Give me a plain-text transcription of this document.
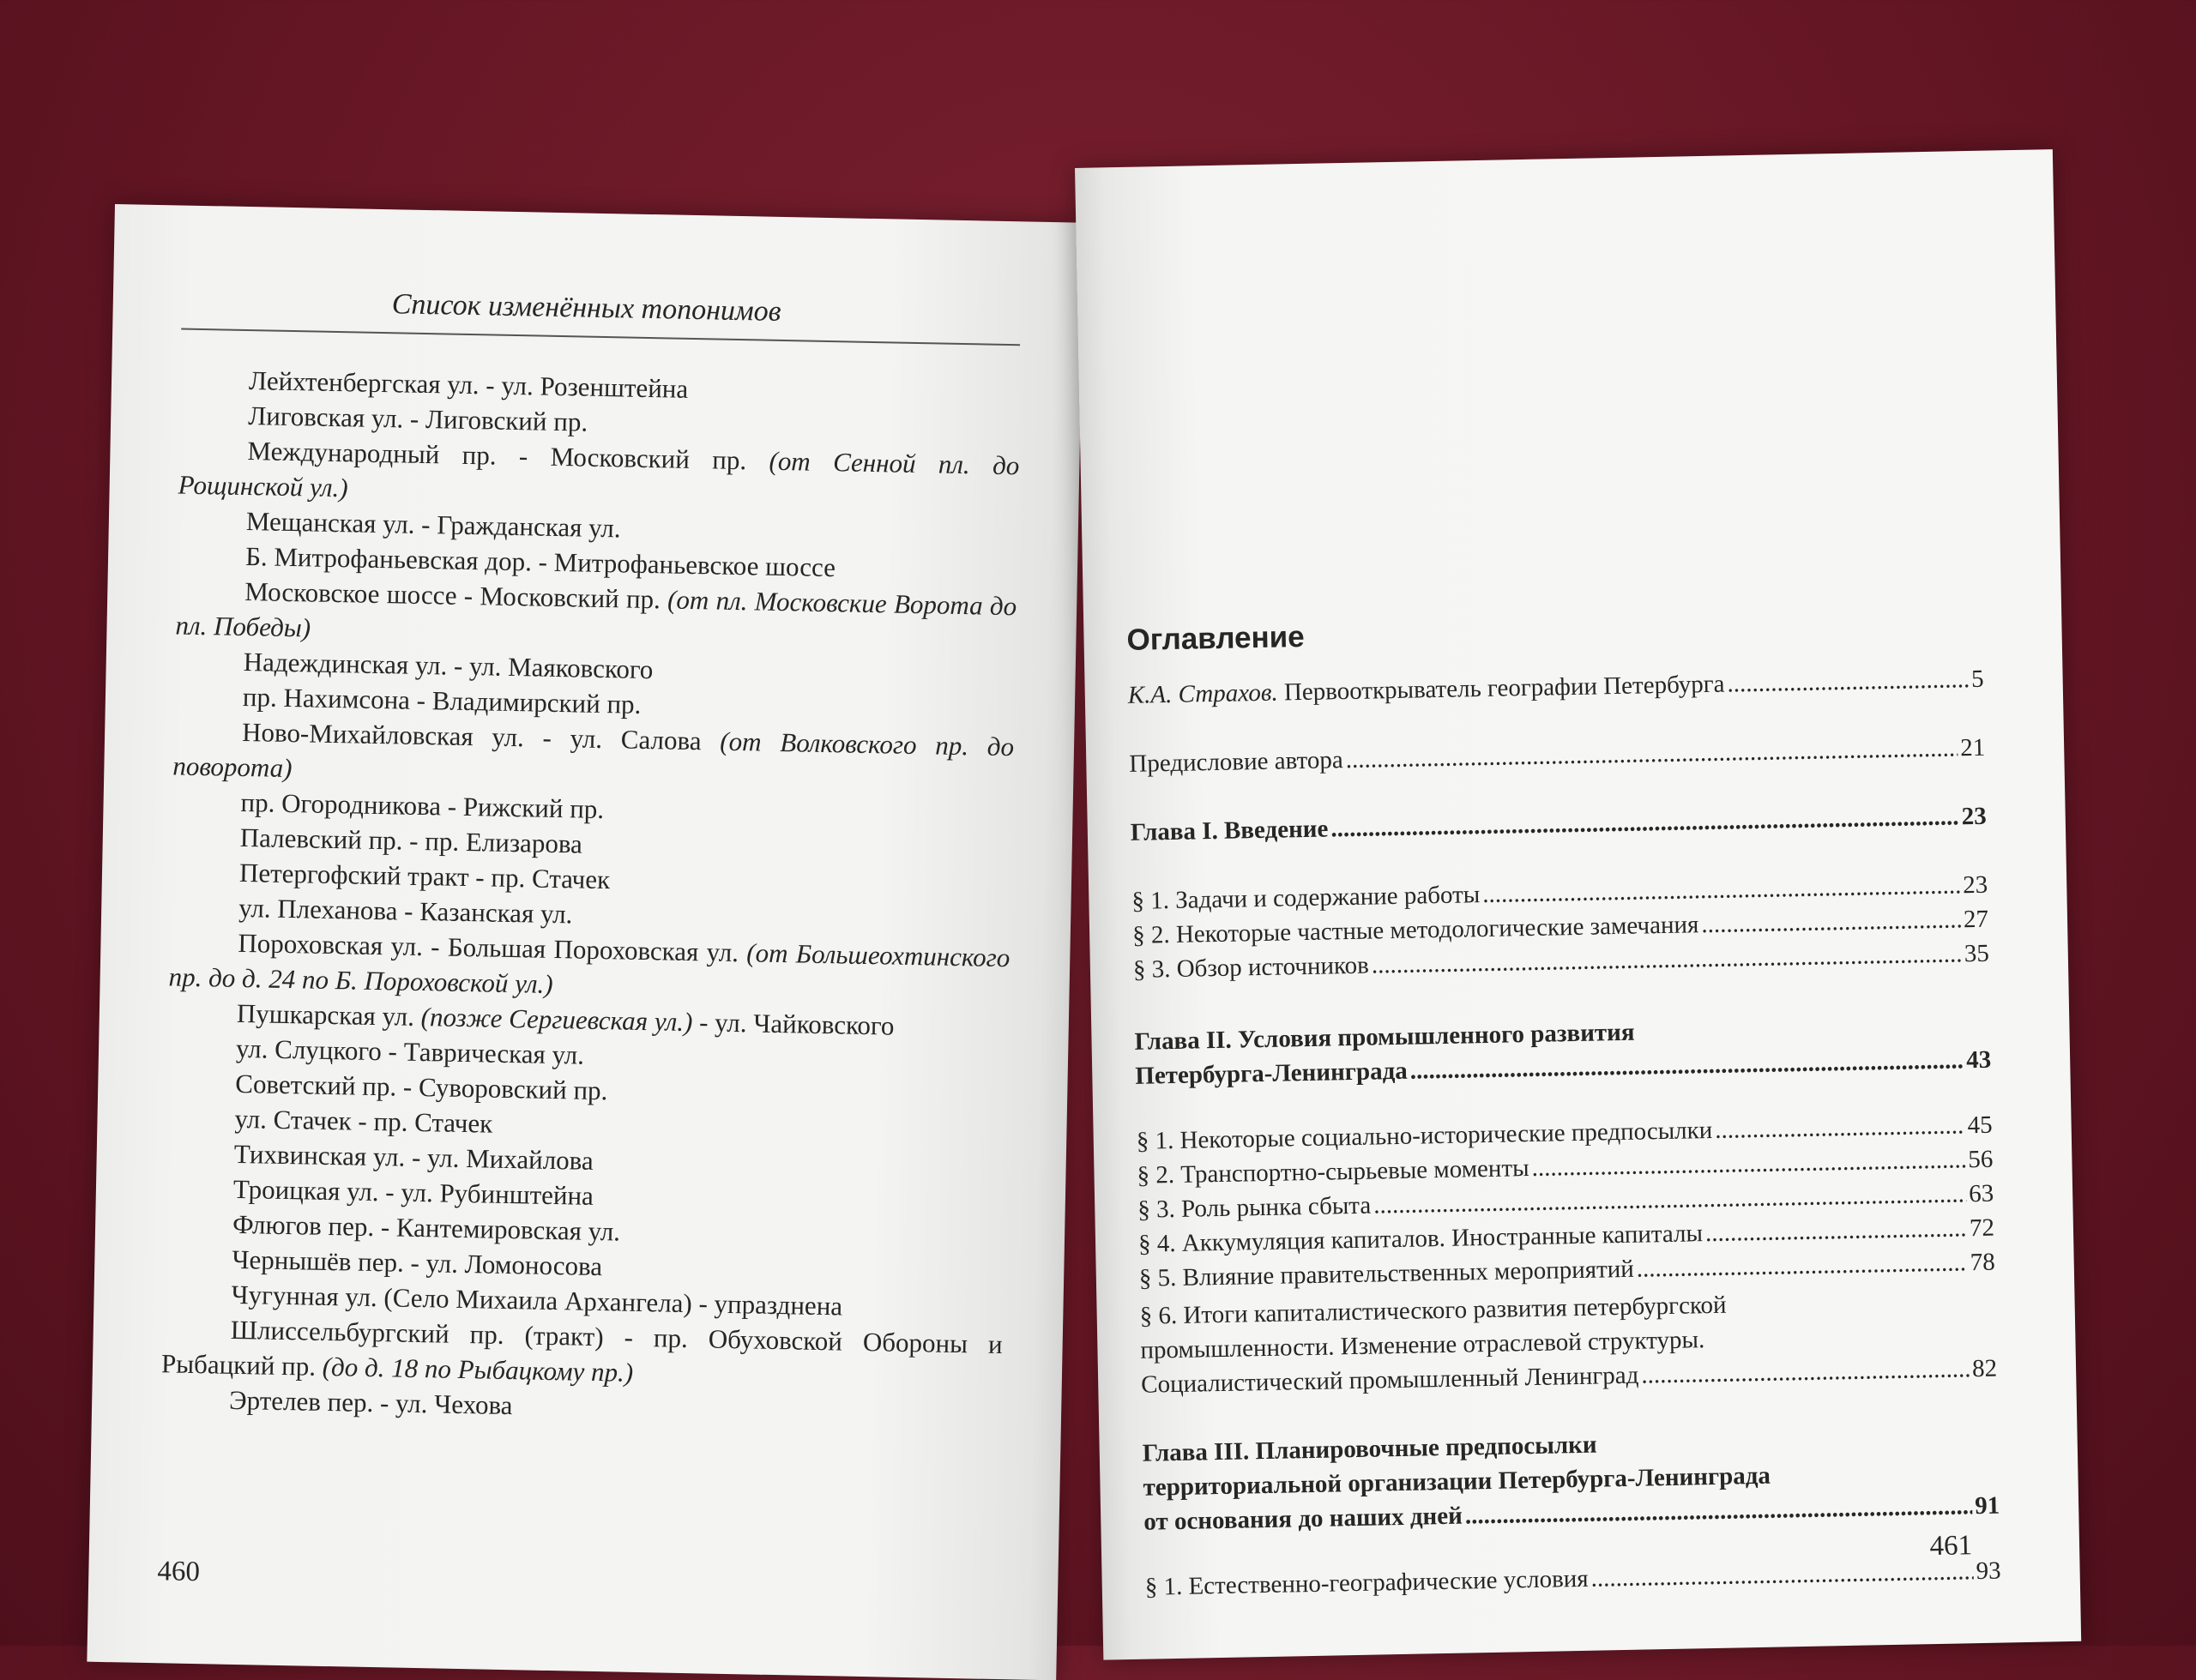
Список изменённых топонимов
Лейхтенбергская ул. - ул. Розенштейна
Лиговская ул. - Лиговский пр.
Международный пр. - Московский пр. (от Сенной пл. до Рощинской ул.)
Мещанская ул. - Гражданская ул.
Б. Митрофаньевская дор. - Митрофаньевское шоссе
Московское шоссе - Московский пр. (от пл. Московские Ворота до пл. Победы)
Надеждинская ул. - ул. Маяковского
пр. Нахимсона - Владимирский пр.
Ново-Михайловская ул. - ул. Салова (от Волковского пр. до поворота)
пр. Огородникова - Рижский пр.
Палевский пр. - пр. Елизарова
Петергофский тракт - пр. Стачек
ул. Плеханова - Казанская ул.
Пороховская ул. - Большая Пороховская ул. (от Большеохтинского пр. до д. 24 по Б. Пороховской ул.)
Пушкарская ул. (позже Сергиевская ул.) - ул. Чайковского
ул. Слуцкого - Таврическая ул.
Советский пр. - Суворовский пр.
ул. Стачек - пр. Стачек
Тихвинская ул. - ул. Михайлова
Троицкая ул. - ул. Рубинштейна
Флюгов пер. - Кантемировская ул.
Чернышёв пер. - ул. Ломоносова
Чугунная ул. (Село Михаила Архангела) - упразднена
Шлиссельбургский пр. (тракт) - пр. Обуховской Обороны и Рыбацкий пр. (до д. 18 по Рыбацкому пр.)
Эртелев пер. - ул. Чехова
460
Оглавление
К.А. Страхов. Первооткрыватель географии Петербурга .....	5
Предисловие автора .....	21
Глава I. Введение .....	23
§ 1. Задачи и содержание работы .....	23
§ 2. Некоторые частные методологические замечания .....	27
§ 3. Обзор источников .....	35
Глава II. Условия промышленного развития
Петербурга-Ленинграда .....	43
§ 1. Некоторые социально-исторические предпосылки .....	45
§ 2. Транспортно-сырьевые моменты .....	56
§ 3. Роль рынка сбыта .....	63
§ 4. Аккумуляция капиталов. Иностранные капиталы .....	72
§ 5. Влияние правительственных мероприятий .....	78
§ 6. Итоги капиталистического развития петербургской
промышленности. Изменение отраслевой структуры.
Социалистический промышленный Ленинград .....	82
Глава III. Планировочные предпосылки
территориальной организации Петербурга-Ленинграда
от основания до наших дней .....	91
§ 1. Естественно-географические условия .....	93
461
